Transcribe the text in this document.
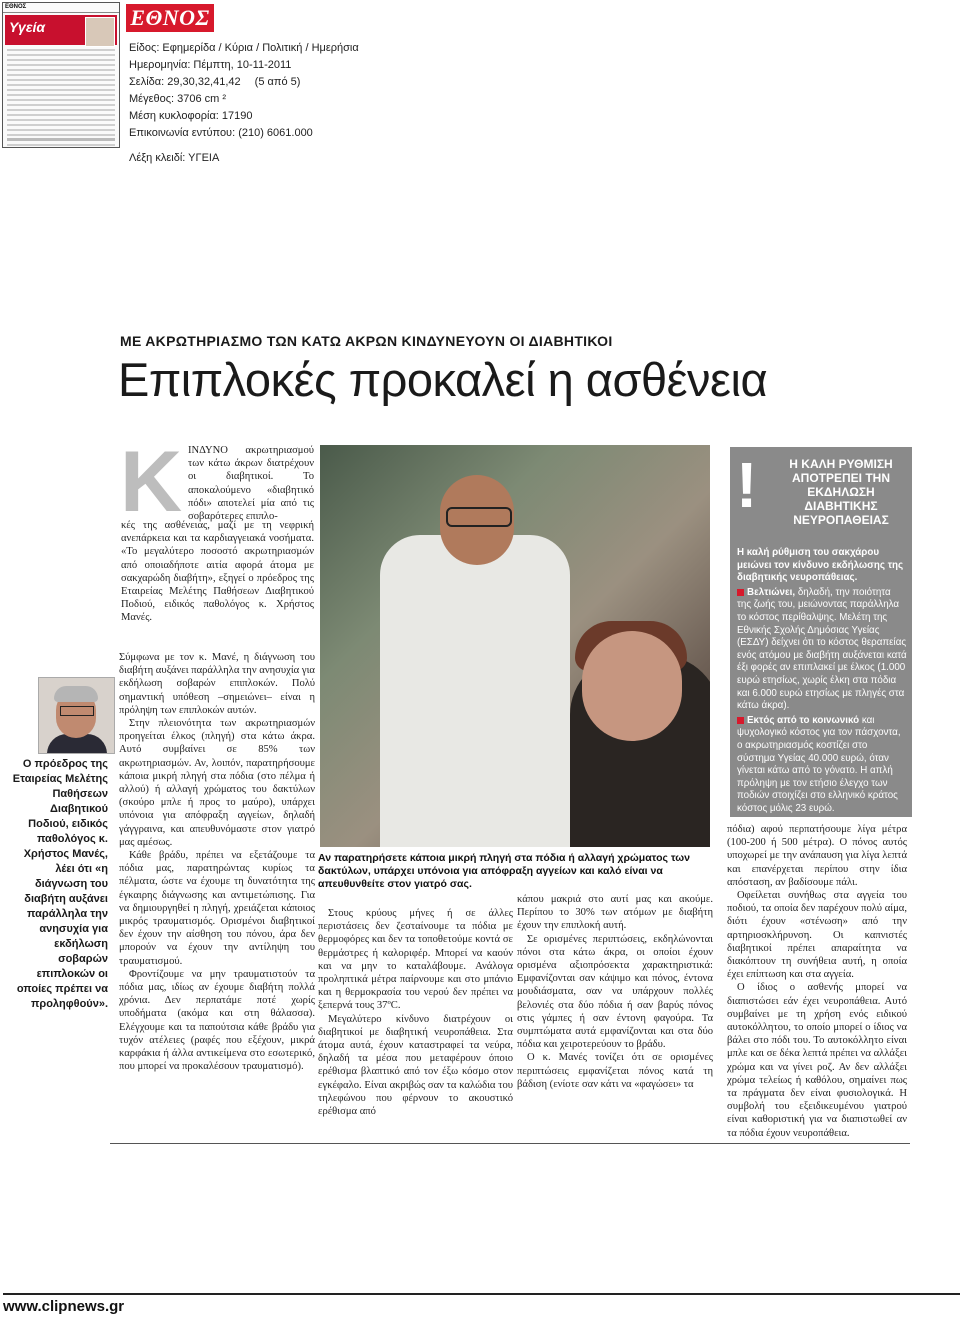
ΕΘΝΟΣ
Υγεία	ΕΘΝΟΣ
Είδος: Εφημερίδα / Κύρια / Πολιτική / Ημερήσια
Ημερομηνία: Πέμπτη, 10-11-2011
Σελίδα: 29,30,32,41,42 (5 από 5)
Μέγεθος: 3706 cm ²
Μέση κυκλοφορία: 17190
Επικοινωνία εντύπου: (210) 6061.000
Λέξη κλειδί: ΥΓΕΙΑ
ΜΕ ΑΚΡΩΤΗΡΙΑΣΜΟ ΤΩΝ ΚΑΤΩ ΑΚΡΩΝ ΚΙΝΔΥΝΕΥΟΥΝ ΟΙ ΔΙΑΒΗΤΙΚΟΙ
Επιπλοκές προκαλεί η ασθένεια
Κ ΙΝΔΥΝΟ ακρωτηριασμού των κάτω άκρων διατρέχουν οι διαβητικοί. Το αποκαλούμενο «διαβητικό πόδι» αποτελεί μία από τις σοβαρότερες επιπλο-

κές της ασθένειας, μαζί με τη νεφρική ανεπάρκεια και τα καρδιαγγειακά νοσήματα. «Το μεγαλύτερο ποσοστό ακρωτηριασμών από οποιαδήποτε αιτία αφορά άτομα με σακχαρώδη διαβήτη», εξηγεί ο πρόεδρος της Εταιρείας Μελέτης Παθήσεων Διαβητικού Ποδιού, ειδικός παθολόγος κ. Χρήστος Μανές.

Αν παρατηρήσετε κάποια μικρή πληγή στα πόδια ή αλλαγή χρώματος των δακτύλων, υπάρχει υπόνοια για απόφραξη αγγείων και καλό είναι να απευθυνθείτε στον γιατρό σας.
Ο πρόεδρος της Εταιρείας Μελέτης Παθήσεων Διαβητικού Ποδιού, ειδικός παθολόγος κ. Χρήστος Μανές, λέει ότι «η διάγνωση του διαβήτη αυξάνει παράλληλα την ανησυχία για εκδήλωση σοβαρών επιπλοκών οι οποίες πρέπει να προληφθούν».

Σύμφωνα με τον κ. Μανέ, η διάγνωση του διαβήτη αυξάνει παράλληλα την ανησυχία για εκδήλωση σοβαρών επιπλοκών. Πολύ σημαντική υπόθεση –σημειώνει– είναι η πρόληψη των επιπλοκών αυτών.

Στην πλειονότητα των ακρωτηριασμών προηγείται έλκος (πληγή) στα κάτω άκρα. Αυτό συμβαίνει σε 85% των ακρωτηριασμών. Αν, λοιπόν, παρατηρήσουμε κάποια μικρή πληγή στα πόδια (στο πέλμα ή αλλού) ή αλλαγή χρώματος του δακτύλων (σκούρο μπλε ή προς το μαύρο), υπάρχει υπόνοια για απόφραξη αγγείων, δηλαδή γάγγραινα, και απευθυνόμαστε στον γιατρό μας αμέσως.

Κάθε βράδυ, πρέπει να εξετάζουμε τα πόδια μας, παρατηρώντας κυρίως τα πέλματα, ώστε να έχουμε τη δυνατότητα της έγκαιρης διάγνωσης και αντιμετώπισης. Για να δημιουργηθεί η πληγή, χρειάζεται κάποιος μικρός τραυματισμός. Ορισμένοι διαβητικοί δεν έχουν την αίσθηση του πόνου, άρα δεν μπορούν να έχουν την αντίληψη του τραυματισμού.

Φροντίζουμε να μην τραυματιστούν τα πόδια μας, ιδίως αν έχουμε διαβήτη πολλά χρόνια. Δεν περπατάμε ποτέ χωρίς υποδήματα (ακόμα και στη θάλασσα). Ελέγχουμε και τα παπούτσια κάθε βράδυ για τυχόν ατέλειες (ραφές που εξέχουν, μικρά καρφάκια ή άλλα αντικείμενα στο εσωτερικό, που μπορεί να προκαλέσουν τραυματισμό).

Στους κρύους μήνες ή σε άλλες περιστάσεις δεν ζεσταίνουμε τα πόδια με θερμοφόρες και δεν τα τοποθετούμε κοντά σε θερμάστρες ή καλοριφέρ. Μπορεί να καούν και να μην το καταλάβουμε. Ανάλογα προληπτικά μέτρα παίρνουμε και στο μπάνιο και η θερμοκρασία του νερού δεν πρέπει να ξεπερνά τους 37ºC.

Μεγαλύτερο κίνδυνο διατρέχουν οι διαβητικοί με διαβητική νευροπάθεια. Στα άτομα αυτά, έχουν καταστραφεί τα νεύρα, δηλαδή τα μέσα που μεταφέρουν όποιο ερέθισμα βλαπτικό από τον έξω κόσμο στον εγκέφαλο. Είναι ακριβώς σαν τα καλώδια του τηλεφώνου που φέρνουν το ακουστικό ερέθισμα από

κάπου μακριά στο αυτί μας και ακούμε. Περίπου το 30% των ατόμων με διαβήτη έχουν την επιπλοκή αυτή.

Σε ορισμένες περιπτώσεις, εκδηλώνονται πόνοι στα κάτω άκρα, οι οποίοι έχουν ορισμένα αξιοπρόσεκτα χαρακτηριστικά: Εμφανίζονται σαν κάψιμο και πόνος, έντονα μουδιάσματα, σαν να υπάρχουν πολλές βελονιές στα δύο πόδια ή σαν βαρύς πόνος στις γάμπες ή σαν έντονη φαγούρα. Τα συμπτώματα αυτά εμφανίζονται και στα δύο πόδια και χειροτερεύουν το βράδυ.

Ο κ. Μανές τονίζει ότι σε ορισμένες περιπτώσεις εμφανίζεται πόνος κατά τη βάδιση (ενίοτε σαν κάτι να «φαγώσει» τα

πόδια) αφού περπατήσουμε λίγα μέτρα (100-200 ή 500 μέτρα). Ο πόνος αυτός υποχωρεί με την ανάπαυση για λίγα λεπτά και επανέρχεται περίπου στην ίδια απόσταση, αν βαδίσουμε πάλι.

Οφείλεται συνήθως στα αγγεία του ποδιού, τα οποία δεν παρέχουν πολύ αίμα, διότι έχουν «στένωση» από την αρτηριοσκλήρυνση. Οι καπνιστές διαβητικοί πρέπει απαραίτητα να διακόπτουν τη συνήθεια αυτή, η οποία έχει επίπτωση και στα αγγεία.

Ο ίδιος ο ασθενής μπορεί να διαπιστώσει εάν έχει νευροπάθεια. Αυτό συμβαίνει με τη χρήση ενός ειδικού αυτοκόλλητου, το οποίο μπορεί ο ίδιος να βάλει στο πόδι του. Το αυτοκόλλητο είναι μπλε και σε δέκα λεπτά πρέπει να αλλάξει χρώμα και να γίνει ροζ. Αν δεν αλλάξει χρώμα τελείως ή καθόλου, σημαίνει πως τα πράγματα δεν είναι φυσιολογικά. Η συμβολή του εξειδικευμένου γιατρού είναι καθοριστική για να διαπιστωθεί αν τα πόδια έχουν νευροπάθεια.

!	Η ΚΑΛΗ ΡΥΘΜΙΣΗ ΑΠΟΤΡΕΠΕΙ ΤΗΝ ΕΚΔΗΛΩΣΗ ΔΙΑΒΗΤΙΚΗΣ ΝΕΥΡΟΠΑΘΕΙΑΣ

Η καλή ρύθμιση του σακχάρου μειώνει τον κίνδυνο εκδήλωσης της διαβητικής νευροπάθειας.

Βελτιώνει, δηλαδή, την ποιότητα της ζωής του, μειώνοντας παράλληλα το κόστος περίθαλψης. Μελέτη της Εθνικής Σχολής Δημόσιας Υγείας (ΕΣΔΥ) δείχνει ότι το κόστος θεραπείας ενός ατόμου με διαβήτη αυξάνεται κατά έξι φορές αν επιπλακεί με έλκος (1.000 ευρώ ετησίως, χωρίς έλκη στα πόδια και 6.000 ευρώ ετησίως με πληγές στα κάτω άκρα).

Εκτός από το κοινωνικό και ψυχολογικό κόστος για τον πάσχοντα, ο ακρωτηριασμός κοστίζει στο σύστημα Υγείας 40.000 ευρώ, όταν γίνεται κάτω από το γόνατο. Η απλή πρόληψη με τον ετήσιο έλεγχο των ποδιών στοιχίζει στο ελληνικό κράτος κόστος μόλις 23 ευρώ.

www.clipnews.gr
